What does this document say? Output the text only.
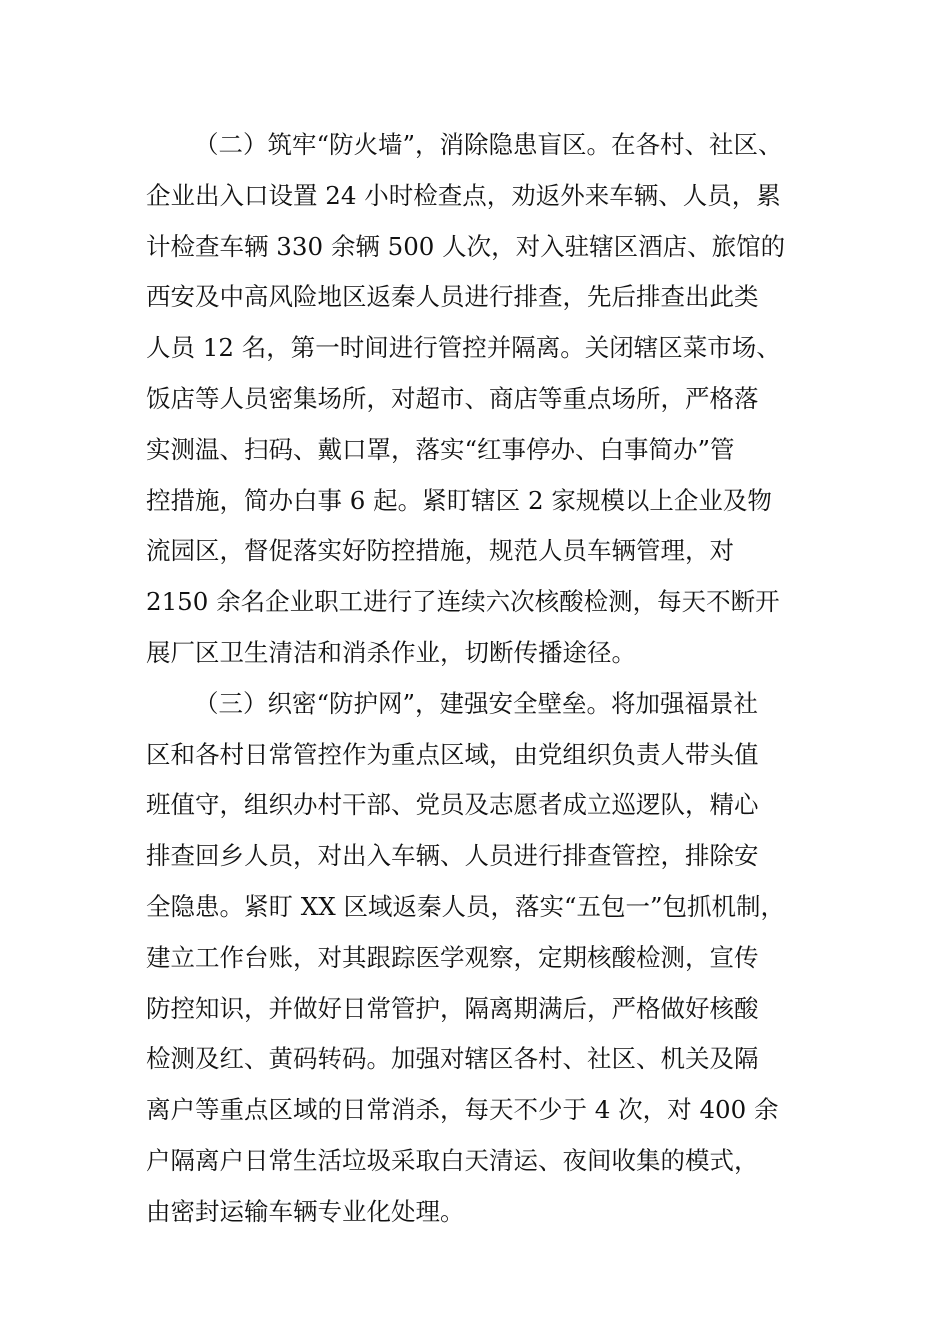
（二）筑牢“防火墙”，消除隐患盲区。在各村、社区、
企业出入口设置 24 小时检查点，劝返外来车辆、人员，累
计检查车辆 330 余辆 500 人次，对入驻辖区酒店、旅馆的
西安及中高风险地区返秦人员进行排查，先后排查出此类
人员 12 名，第一时间进行管控并隔离。关闭辖区菜市场、
饭店等人员密集场所，对超市、商店等重点场所，严格落
实测温、扫码、戴口罩，落实“红事停办、白事简办”管
控措施，简办白事 6 起。紧盯辖区 2 家规模以上企业及物
流园区，督促落实好防控措施，规范人员车辆管理，对
2150 余名企业职工进行了连续六次核酸检测，每天不断开
展厂区卫生清洁和消杀作业，切断传播途径。
（三）织密“防护网”，建强安全壁垒。将加强福景社
区和各村日常管控作为重点区域，由党组织负责人带头值
班值守，组织办村干部、党员及志愿者成立巡逻队，精心
排查回乡人员，对出入车辆、人员进行排查管控，排除安
全隐患。紧盯 XX 区域返秦人员，落实“五包一”包抓机制，
建立工作台账，对其跟踪医学观察，定期核酸检测，宣传
防控知识，并做好日常管护，隔离期满后，严格做好核酸
检测及红、黄码转码。加强对辖区各村、社区、机关及隔
离户等重点区域的日常消杀，每天不少于 4 次，对 400 余
户隔离户日常生活垃圾采取白天清运、夜间收集的模式，
由密封运输车辆专业化处理。
